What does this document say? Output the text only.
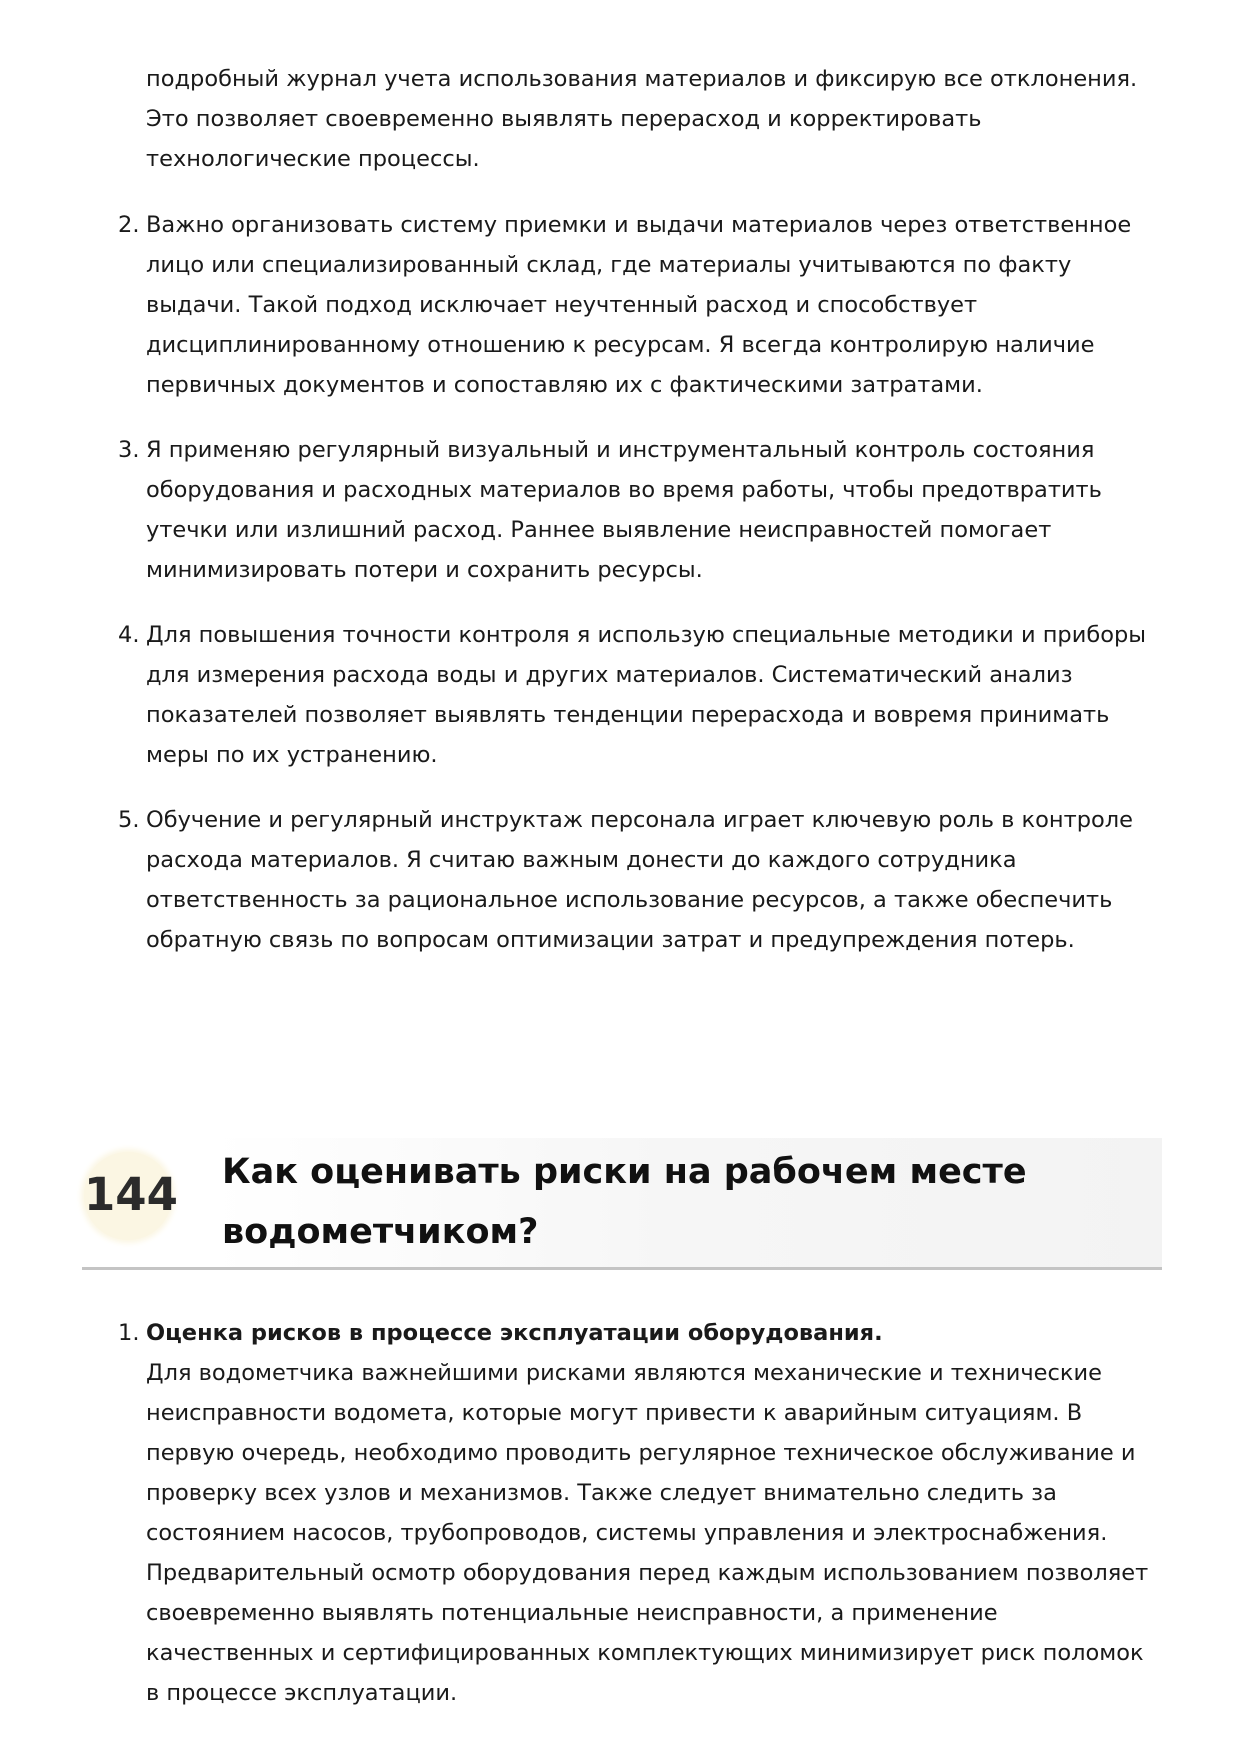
подробный журнал учета использования материалов и фиксирую все отклонения. Это позволяет своевременно выявлять перерасход и корректировать технологические процессы.

2. Важно организовать систему приемки и выдачи материалов через ответственное лицо или специализированный склад, где материалы учитываются по факту выдачи. Такой подход исключает неучтенный расход и способствует дисциплинированному отношению к ресурсам. Я всегда контролирую наличие первичных документов и сопоставляю их с фактическими затратами.
3. Я применяю регулярный визуальный и инструментальный контроль состояния оборудования и расходных материалов во время работы, чтобы предотвратить утечки или излишний расход. Раннее выявление неисправностей помогает минимизировать потери и сохранить ресурсы.
4. Для повышения точности контроля я использую специальные методики и приборы для измерения расхода воды и других материалов. Систематический анализ показателей позволяет выявлять тенденции перерасхода и вовремя принимать меры по их устранению.
5. Обучение и регулярный инструктаж персонала играет ключевую роль в контроле расхода материалов. Я считаю важным донести до каждого сотрудника ответственность за рациональное использование ресурсов, а также обеспечить обратную связь по вопросам оптимизации затрат и предупреждения потерь.
144 Как оценивать риски на рабочем месте водометчиком?
1. Оценка рисков в процессе эксплуатации оборудования.
Для водометчика важнейшими рисками являются механические и технические неисправности водомета, которые могут привести к аварийным ситуациям. В первую очередь, необходимо проводить регулярное техническое обслуживание и проверку всех узлов и механизмов. Также следует внимательно следить за состоянием насосов, трубопроводов, системы управления и электроснабжения. Предварительный осмотр оборудования перед каждым использованием позволяет своевременно выявлять потенциальные неисправности, а применение качественных и сертифицированных комплектующих минимизирует риск поломок в процессе эксплуатации.
